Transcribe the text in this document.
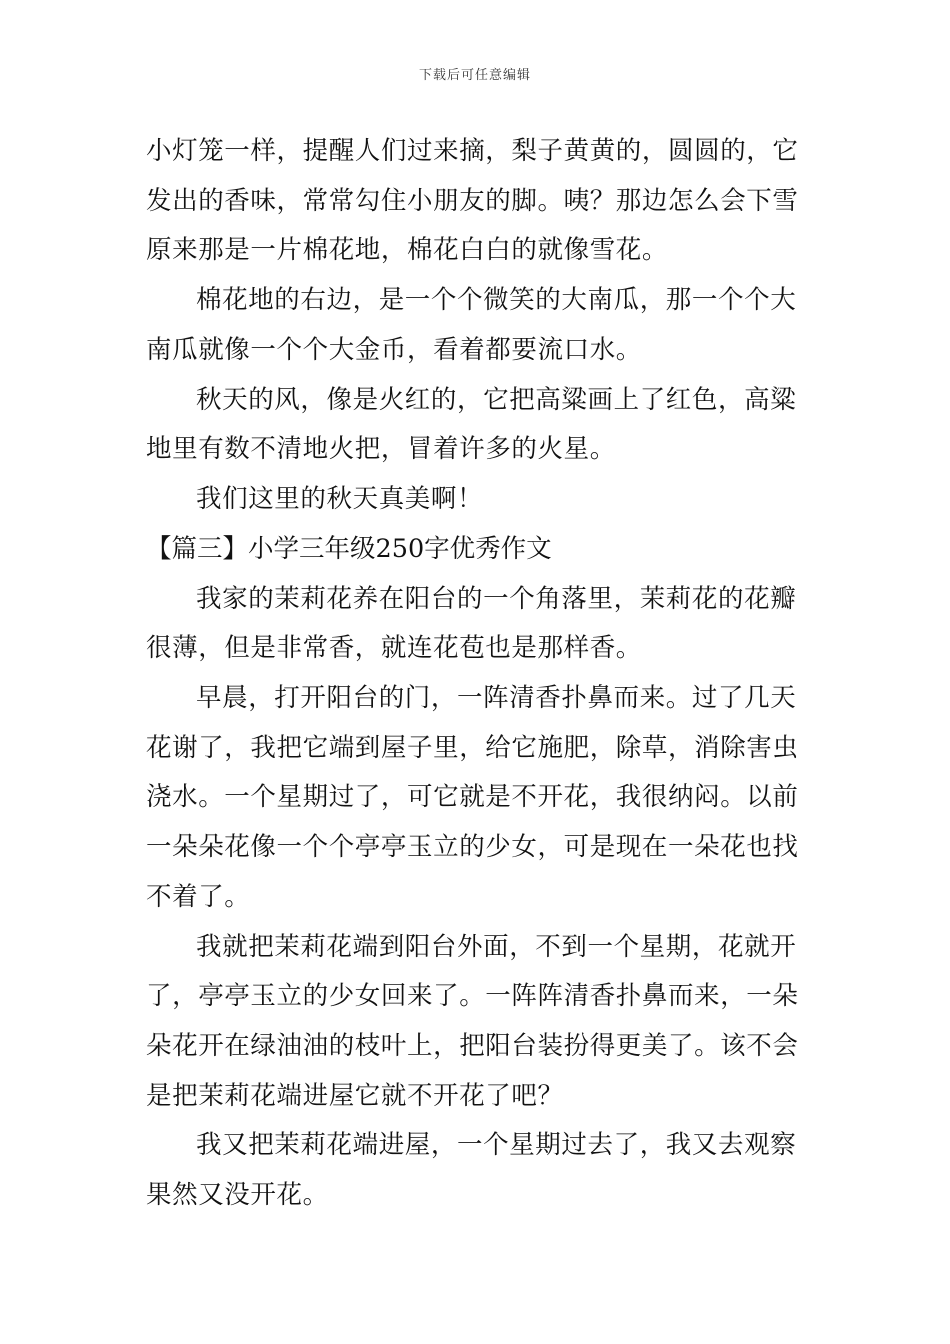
下载后可任意编辑
小灯笼一样，提醒人们过来摘，梨子黄黄的，圆圆的，它
发出的香味，常常勾住小朋友的脚。咦？那边怎么会下雪
原来那是一片棉花地，棉花白白的就像雪花。
棉花地的右边，是一个个微笑的大南瓜，那一个个大
南瓜就像一个个大金币，看着都要流口水。
秋天的风，像是火红的，它把高粱画上了红色，高粱
地里有数不清地火把，冒着许多的火星。
我们这里的秋天真美啊！
【篇三】小学三年级250字优秀作文
我家的茉莉花养在阳台的一个角落里，茉莉花的花瓣
很薄，但是非常香，就连花苞也是那样香。
早晨，打开阳台的门，一阵清香扑鼻而来。过了几天
花谢了，我把它端到屋子里，给它施肥，除草，消除害虫
浇水。一个星期过了，可它就是不开花，我很纳闷。以前
一朵朵花像一个个亭亭玉立的少女，可是现在一朵花也找
不着了。
我就把茉莉花端到阳台外面，不到一个星期，花就开
了，亭亭玉立的少女回来了。一阵阵清香扑鼻而来，一朵
朵花开在绿油油的枝叶上，把阳台装扮得更美了。该不会
是把茉莉花端进屋它就不开花了吧？
我又把茉莉花端进屋，一个星期过去了，我又去观察
果然又没开花。
